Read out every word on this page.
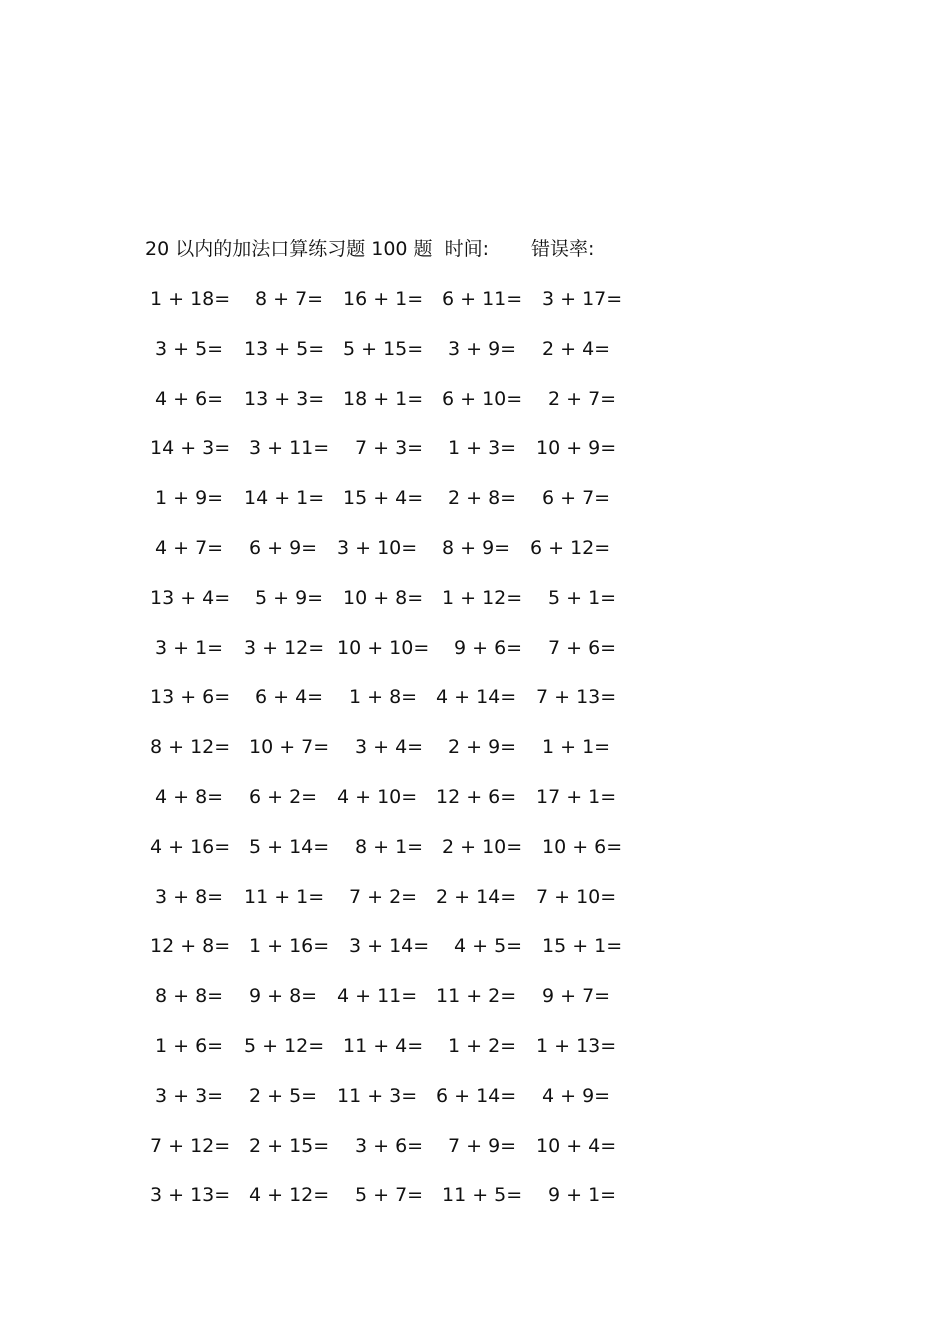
20 以内的加法口算练习题 100 题 时间: 错误率:
1 + 18= 8 + 7= 16 + 1= 6 + 11= 3 + 17=
3 + 5= 13 + 5= 5 + 15= 3 + 9= 2 + 4=
4 + 6= 13 + 3= 18 + 1= 6 + 10= 2 + 7=
14 + 3= 3 + 11= 7 + 3= 1 + 3= 10 + 9=
1 + 9= 14 + 1= 15 + 4= 2 + 8= 6 + 7=
4 + 7= 6 + 9= 3 + 10= 8 + 9= 6 + 12=
13 + 4= 5 + 9= 10 + 8= 1 + 12= 5 + 1=
3 + 1= 3 + 12= 10 + 10= 9 + 6= 7 + 6=
13 + 6= 6 + 4= 1 + 8= 4 + 14= 7 + 13=
8 + 12= 10 + 7= 3 + 4= 2 + 9= 1 + 1=
4 + 8= 6 + 2= 4 + 10= 12 + 6= 17 + 1=
4 + 16= 5 + 14= 8 + 1= 2 + 10= 10 + 6=
3 + 8= 11 + 1= 7 + 2= 2 + 14= 7 + 10=
12 + 8= 1 + 16= 3 + 14= 4 + 5= 15 + 1=
8 + 8= 9 + 8= 4 + 11= 11 + 2= 9 + 7=
1 + 6= 5 + 12= 11 + 4= 1 + 2= 1 + 13=
3 + 3= 2 + 5= 11 + 3= 6 + 14= 4 + 9=
7 + 12= 2 + 15= 3 + 6= 7 + 9= 10 + 4=
3 + 13= 4 + 12= 5 + 7= 11 + 5= 9 + 1=
